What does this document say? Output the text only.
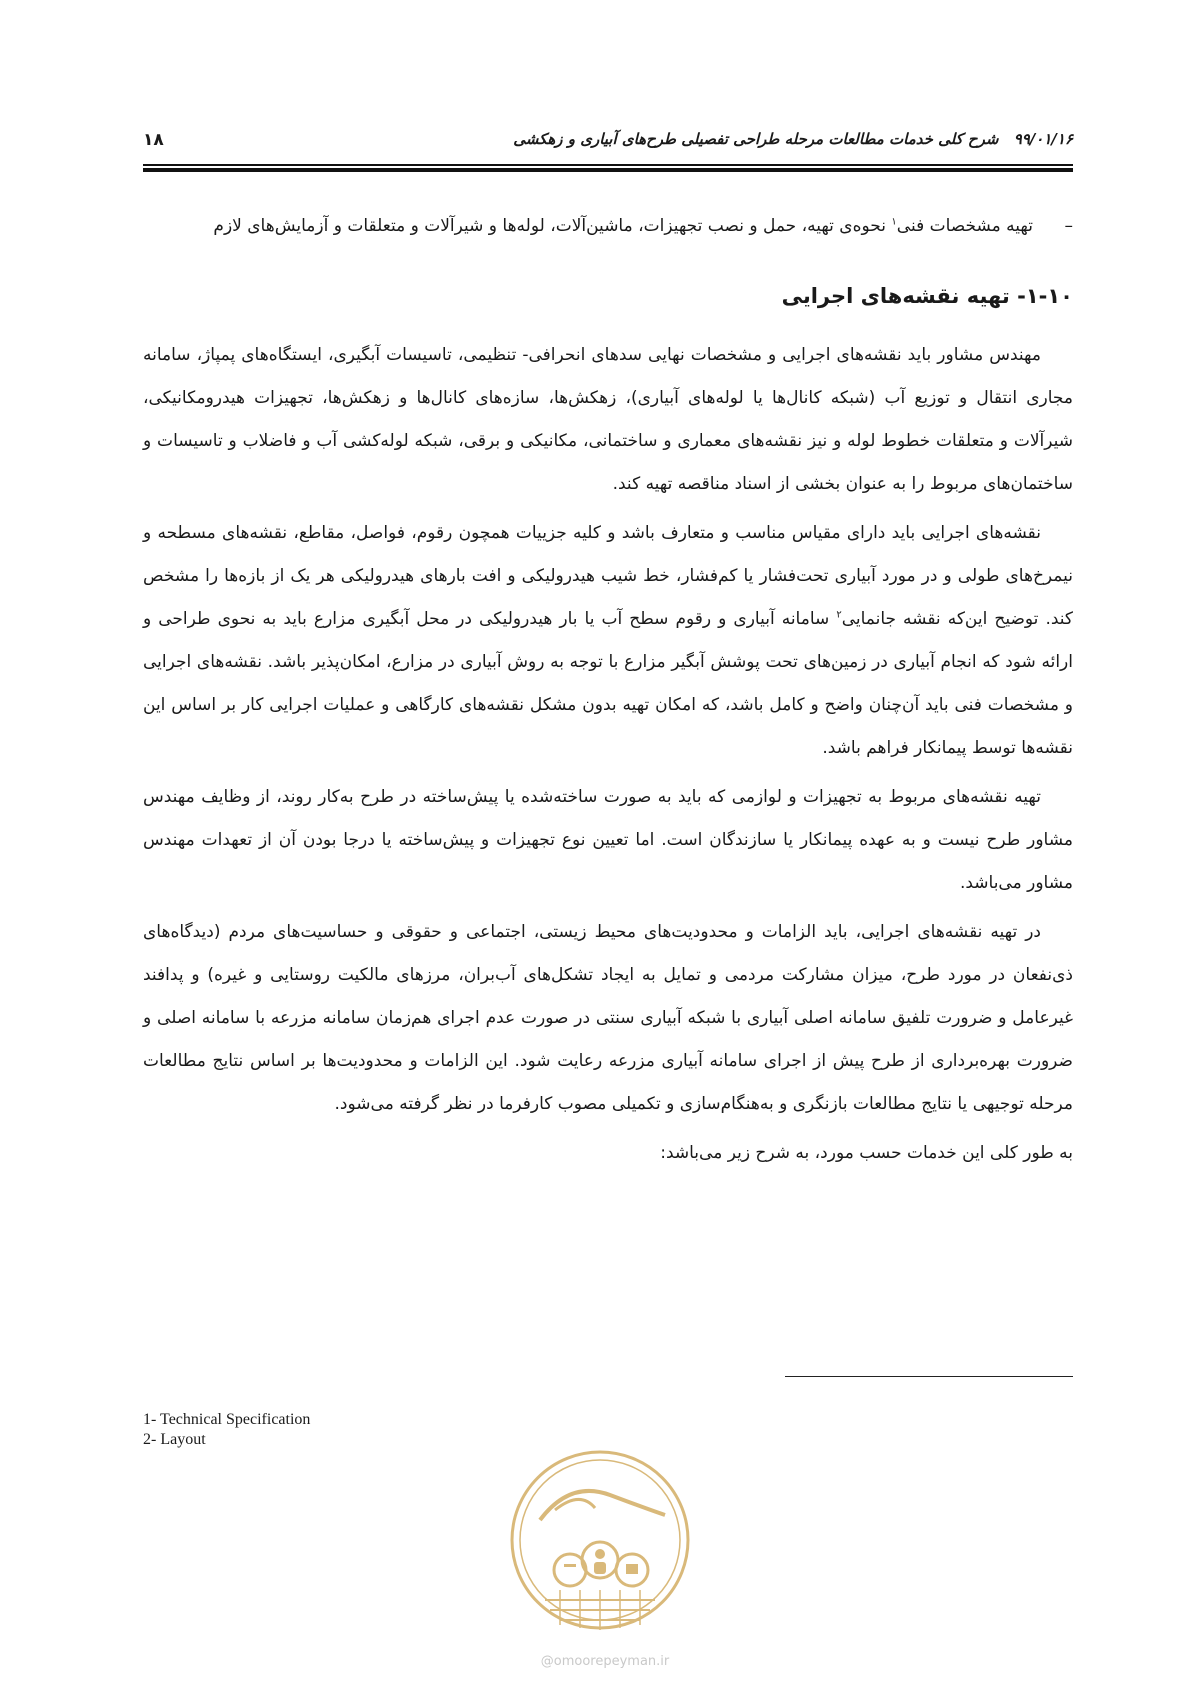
۹۹/۰۱/۱۶ شرح کلی خدمات مطالعات مرحله طراحی تفصیلی طرح‌های آبیاری و زهکشی
۱۸

–
تهیه مشخصات فنی$^۱$ نحوه‌ی تهیه، حمل و نصب تجهیزات، ماشین‌آلات، لوله‌ها و شیرآلات و متعلقات و آزمایش‌های لازم

۱-۱۰- تهیه نقشه‌های اجرایی

مهندس مشاور باید نقشه‌های اجرایی و مشخصات نهایی سدهای انحرافی- تنظیمی، تاسیسات آبگیری، ایستگاه‌های پمپاژ، سامانه مجاری انتقال و توزیع آب (شبکه کانال‌ها یا لوله‌های آبیاری)، زهکش‌ها، سازه‌های کانال‌ها و زهکش‌ها، تجهیزات هیدرومکانیکی، شیرآلات و متعلقات خطوط لوله و نیز نقشه‌های معماری و ساختمانی، مکانیکی و برقی، شبکه لوله‌کشی آب و فاضلاب و تاسیسات و ساختمان‌های مربوط را به عنوان بخشی از اسناد مناقصه تهیه کند.

نقشه‌های اجرایی باید دارای مقیاس مناسب و متعارف باشد و کلیه جزییات همچون رقوم، فواصل، مقاطع، نقشه‌های مسطحه و نیمرخ‌های طولی و در مورد آبیاری تحت‌فشار یا کم‌فشار، خط شیب هیدرولیکی و افت بارهای هیدرولیکی هر یک از بازه‌ها را مشخص کند. توضیح این‌که نقشه جانمایی$^۲$ سامانه آبیاری و رقوم سطح آب یا بار هیدرولیکی در محل آبگیری مزارع باید به نحوی طراحی و ارائه شود که انجام آبیاری در زمین‌های تحت پوشش آبگیر مزارع با توجه به روش آبیاری در مزارع، امکان‌پذیر باشد. نقشه‌های اجرایی و مشخصات فنی باید آن‌چنان واضح و کامل باشد، که امکان تهیه بدون مشکل نقشه‌های کارگاهی و عملیات اجرایی کار بر اساس این نقشه‌ها توسط پیمانکار فراهم باشد.

تهیه نقشه‌های مربوط به تجهیزات و لوازمی که باید به صورت ساخته‌شده یا پیش‌ساخته در طرح به‌کار روند، از وظایف مهندس مشاور طرح نیست و به عهده پیمانکار یا سازندگان است. اما تعیین نوع تجهیزات و پیش‌ساخته یا درجا بودن آن از تعهدات مهندس مشاور می‌باشد.

در تهیه نقشه‌های اجرایی، باید الزامات و محدودیت‌های محیط زیستی، اجتماعی و حقوقی و حساسیت‌های مردم (دیدگاه‌های ذی‌نفعان در مورد طرح، میزان مشارکت مردمی و تمایل به ایجاد تشکل‌های آب‌بران، مرزهای مالکیت روستایی و غیره) و پدافند غیرعامل و ضرورت تلفیق سامانه اصلی آبیاری با شبکه آبیاری سنتی در صورت عدم اجرای هم‌زمان سامانه مزرعه با سامانه اصلی و ضرورت بهره‌برداری از طرح پیش از اجرای سامانه آبیاری مزرعه رعایت شود. این الزامات و محدودیت‌ها بر اساس نتایج مطالعات مرحله توجیهی یا نتایج مطالعات بازنگری و به‌هنگام‌سازی و تکمیلی مصوب کارفرما در نظر گرفته می‌شود.

به طور کلی این خدمات حسب مورد، به شرح زیر می‌باشد:

1- Technical Specification
2- Layout
@omoorepeyman.ir
